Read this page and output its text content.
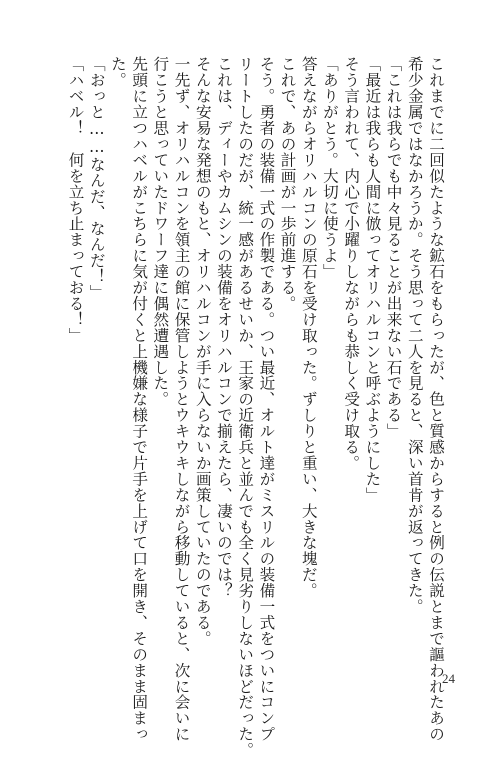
これまでに二回似たような鉱石をもらったが、色と質感からすると例の伝説とまで謳われたあの
希少金属ではなかろうか。そう思って二人を見ると、深い首肯が返ってきた。
「これは我らでも中々見ることが出来ない石である」
「最近は我らも人間に倣ってオリハルコンと呼ぶようにした」
そう言われて、内心で小躍りしながらも恭しく受け取る。
「ありがとう。大切に使うよ」
答えながらオリハルコンの原石を受け取った。ずしりと重い、大きな塊だ。
これで、あの計画が一歩前進する。
そう。勇者の装備一式の作製である。つい最近、オルト達がミスリルの装備一式をついにコンプ
リートしたのだが、統一感があるせいか、王家の近衛兵と並んでも全く見劣りしないほどだった。
これは、ディーやカムシンの装備をオリハルコンで揃えたら、凄いのでは？
そんな安易な発想のもと、オリハルコンが手に入らないか画策していたのである。
一先ず、オリハルコンを領主の館に保管しようとウキウキしながら移動していると、次に会いに
行こうと思っていたドワーフ達に偶然遭遇した。
先頭に立つハベルがこちらに気が付くと上機嫌な様子で片手を上げて口を開き、そのまま固まっ
た。
「おっと……なんだ、なんだ！」
「ハベル！　何を立ち止まっておる！」
24
